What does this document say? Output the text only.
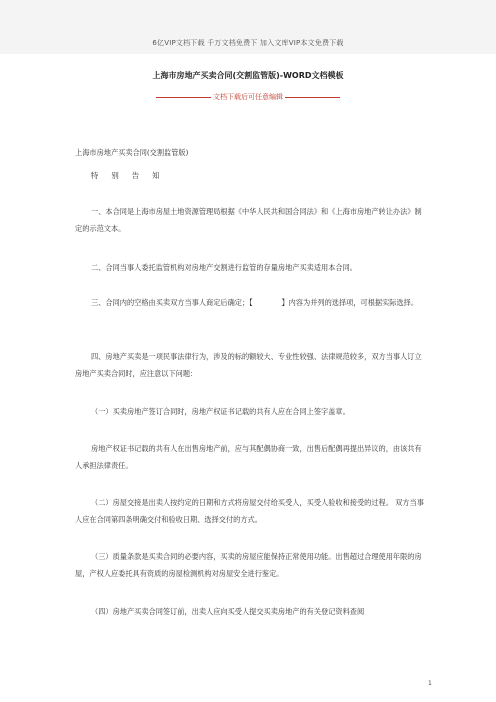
6亿VIP文档下载 千万文档免费下 加入文库VIP本文免费下载
上海市房地产买卖合同(交割监管版)-WORD文档模板
文档下载后可任意编辑
上海市房地产买卖合同(交割监管版)
特别告知
一、本合同是上海市房屋土地资源管理局根据《中华人民共和国合同法》和《上海市房地产转让办法》制定的示范文本。
二、合同当事人委托监管机构对房地产交割进行监管的存量房地产买卖适用本合同。
三、合同内的空格由买卖双方当事人商定后确定；【　　　　】内容为并列的选择项，可根据实际选择。
四、房地产买卖是一项民事法律行为，涉及的标的额较大、专业性较强、法律规范较多，双方当事人订立房地产买卖合同时，应注意以下问题：
（一）买卖房地产签订合同时，房地产权证书记载的共有人应在合同上签字盖章。
房地产权证书记载的共有人在出售房地产前，应与其配偶协商一致，出售后配偶再提出异议的，由该共有人承担法律责任。
（二）房屋交接是出卖人按约定的日期和方式将房屋交付给买受人，买受人验收和接受的过程。 双方当事人应在合同第四条明确交付和验收日期、选择交付的方式。
（三）质量条款是买卖合同的必要内容，买卖的房屋应能保持正常使用功能。出售超过合理使用年限的房屋，产权人应委托具有资质的房屋检测机构对房屋安全进行鉴定。
（四）房地产买卖合同签订前，出卖人应向买受人提交买卖房地产的有关登记资料查阅
1
